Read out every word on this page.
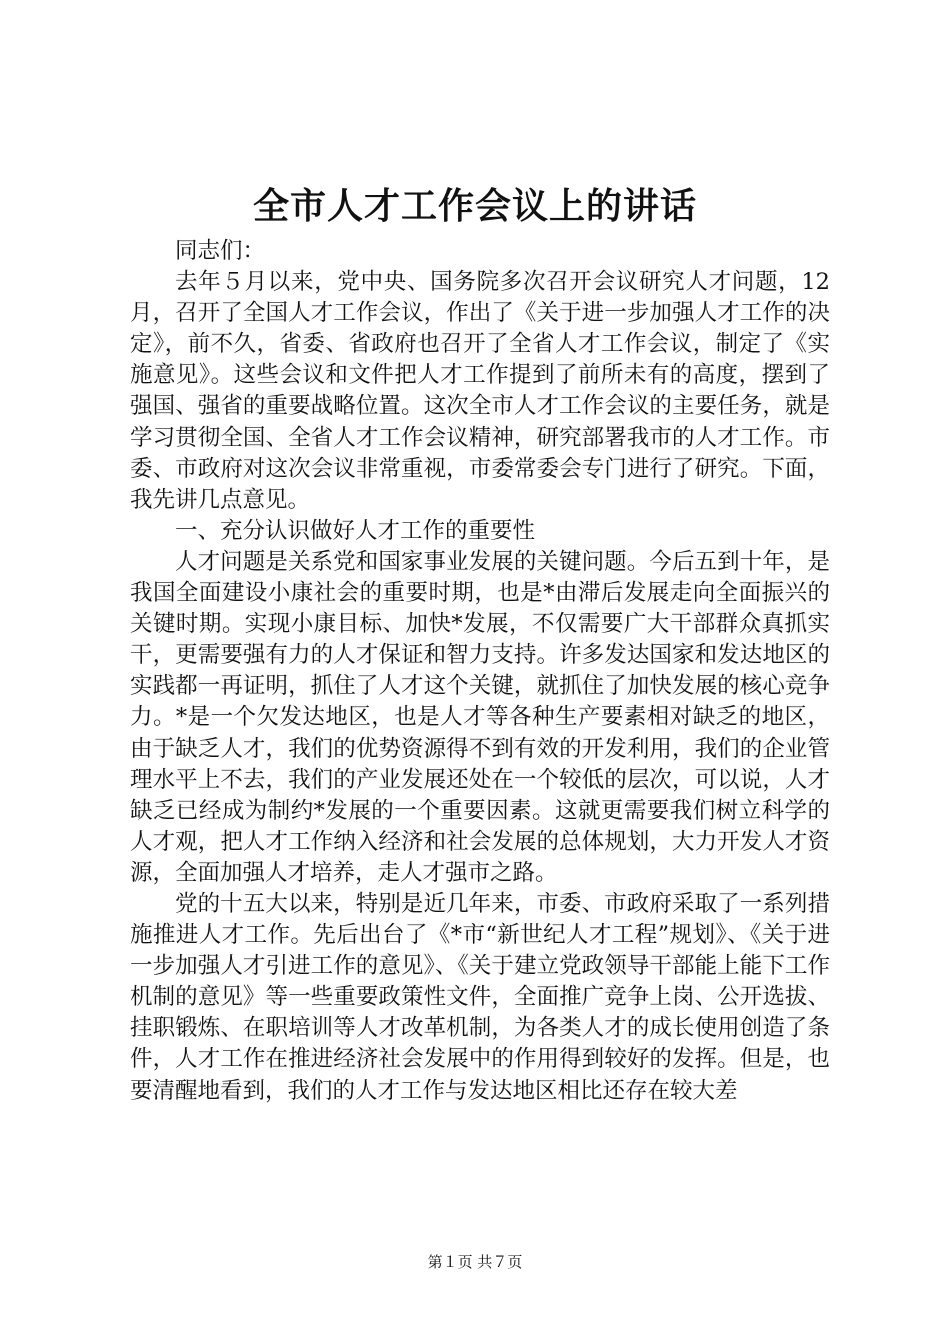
全市人才工作会议上的讲话

同志们：

去年５月以来，党中央、国务院多次召开会议研究人才问题，12月，召开了全国人才工作会议，作出了《关于进一步加强人才工作的决定》，前不久，省委、省政府也召开了全省人才工作会议，制定了《实施意见》。这些会议和文件把人才工作提到了前所未有的高度，摆到了强国、强省的重要战略位置。这次全市人才工作会议的主要任务，就是学习贯彻全国、全省人才工作会议精神，研究部署我市的人才工作。市委、市政府对这次会议非常重视，市委常委会专门进行了研究。下面，我先讲几点意见。

一、充分认识做好人才工作的重要性

人才问题是关系党和国家事业发展的关键问题。今后五到十年，是我国全面建设小康社会的重要时期，也是*由滞后发展走向全面振兴的关键时期。实现小康目标、加快*发展，不仅需要广大干部群众真抓实干，更需要强有力的人才保证和智力支持。许多发达国家和发达地区的实践都一再证明，抓住了人才这个关键，就抓住了加快发展的核心竞争力。*是一个欠发达地区，也是人才等各种生产要素相对缺乏的地区，由于缺乏人才，我们的优势资源得不到有效的开发利用，我们的企业管理水平上不去，我们的产业发展还处在一个较低的层次，可以说，人才缺乏已经成为制约*发展的一个重要因素。这就更需要我们树立科学的人才观，把人才工作纳入经济和社会发展的总体规划，大力开发人才资源，全面加强人才培养，走人才强市之路。

党的十五大以来，特别是近几年来，市委、市政府采取了一系列措施推进人才工作。先后出台了《*市“新世纪人才工程”规划》、《关于进一步加强人才引进工作的意见》、《关于建立党政领导干部能上能下工作机制的意见》等一些重要政策性文件，全面推广竞争上岗、公开选拔、挂职锻炼、在职培训等人才改革机制，为各类人才的成长使用创造了条件，人才工作在推进经济社会发展中的作用得到较好的发挥。但是，也要清醒地看到，我们的人才工作与发达地区相比还存在较大差

第１页 共７页
